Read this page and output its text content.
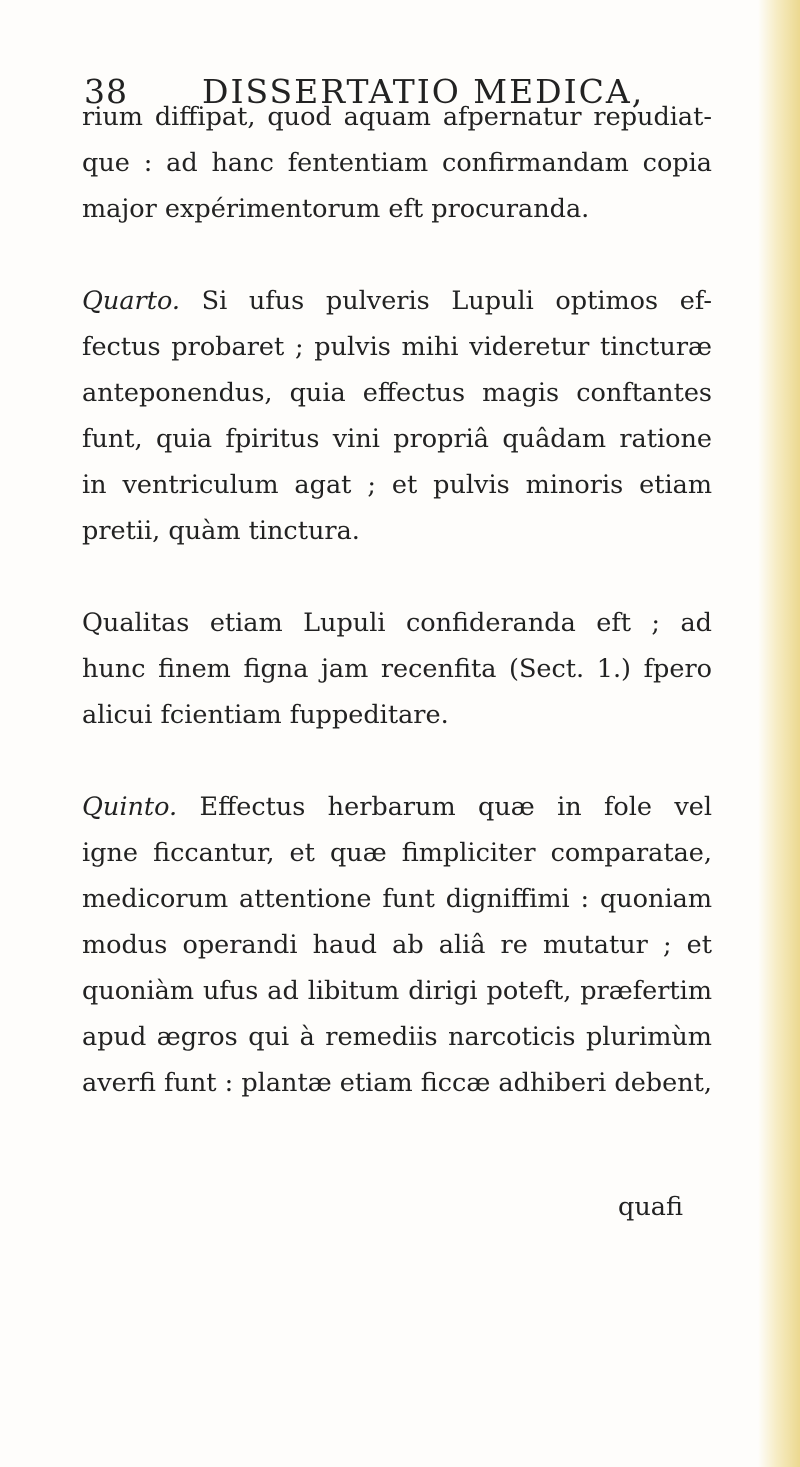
38 DISSERTATIO MEDICA,

rium diffipat, quod aquam afpernatur repudiat-
que : ad hanc fententiam confirmandam copia
major expérimentorum eft procuranda.

Quarto. Si ufus pulveris Lupuli optimos ef-
fectus probaret ; pulvis mihi videretur tincturæ
anteponendus, quia effectus magis conftantes
funt, quia fpiritus vini propriâ quâdam ratione
in ventriculum agat ; et pulvis minoris etiam
pretii, quàm tinctura.

Qualitas etiam Lupuli confideranda eft ; ad
hunc finem figna jam recenfita (Sect. 1.) fpero
alicui fcientiam fuppeditare.

Quinto. Effectus herbarum quæ in fole vel
igne ficcantur, et quæ fimpliciter comparatae,
medicorum attentione funt digniffimi : quoniam
modus operandi haud ab aliâ re mutatur ; et
quoniàm ufus ad libitum dirigi poteft, præfertim
apud ægros qui à remediis narcoticis plurimùm
averfi funt : plantæ etiam ficcæ adhiberi debent,

quafi
